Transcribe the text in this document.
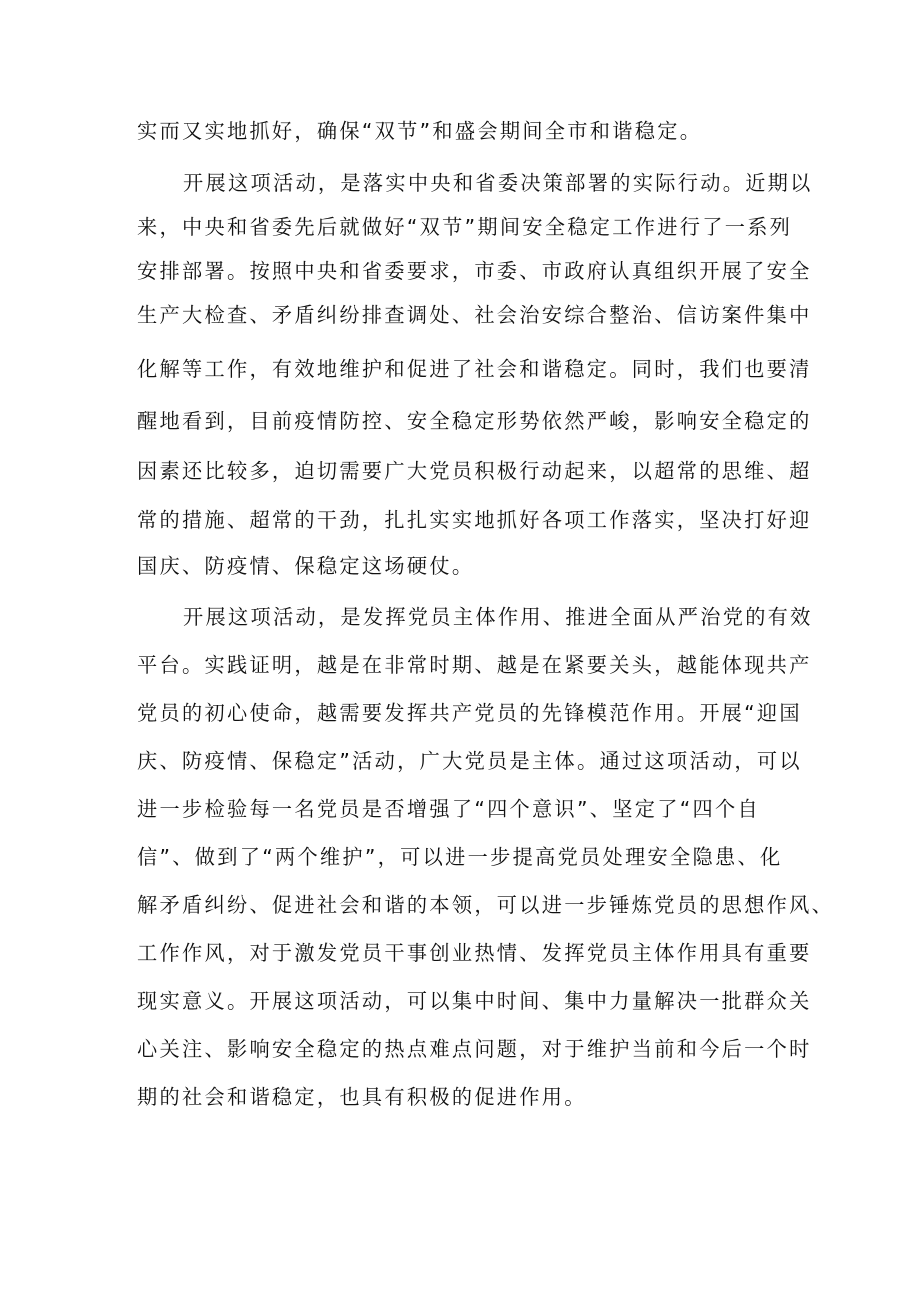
实而又实地抓好，确保“双节”和盛会期间全市和谐稳定。
开展这项活动，是落实中央和省委决策部署的实际行动。近期以
来，中央和省委先后就做好“双节”期间安全稳定工作进行了一系列
安排部署。按照中央和省委要求，市委、市政府认真组织开展了安全
生产大检查、矛盾纠纷排查调处、社会治安综合整治、信访案件集中
化解等工作，有效地维护和促进了社会和谐稳定。同时，我们也要清
醒地看到，目前疫情防控、安全稳定形势依然严峻，影响安全稳定的
因素还比较多，迫切需要广大党员积极行动起来，以超常的思维、超
常的措施、超常的干劲，扎扎实实地抓好各项工作落实，坚决打好迎
国庆、防疫情、保稳定这场硬仗。
开展这项活动，是发挥党员主体作用、推进全面从严治党的有效
平台。实践证明，越是在非常时期、越是在紧要关头，越能体现共产
党员的初心使命，越需要发挥共产党员的先锋模范作用。开展“迎国
庆、防疫情、保稳定”活动，广大党员是主体。通过这项活动，可以
进一步检验每一名党员是否增强了“四个意识”、坚定了“四个自
信”、做到了“两个维护”，可以进一步提高党员处理安全隐患、化
解矛盾纠纷、促进社会和谐的本领，可以进一步锤炼党员的思想作风、
工作作风，对于激发党员干事创业热情、发挥党员主体作用具有重要
现实意义。开展这项活动，可以集中时间、集中力量解决一批群众关
心关注、影响安全稳定的热点难点问题，对于维护当前和今后一个时
期的社会和谐稳定，也具有积极的促进作用。
